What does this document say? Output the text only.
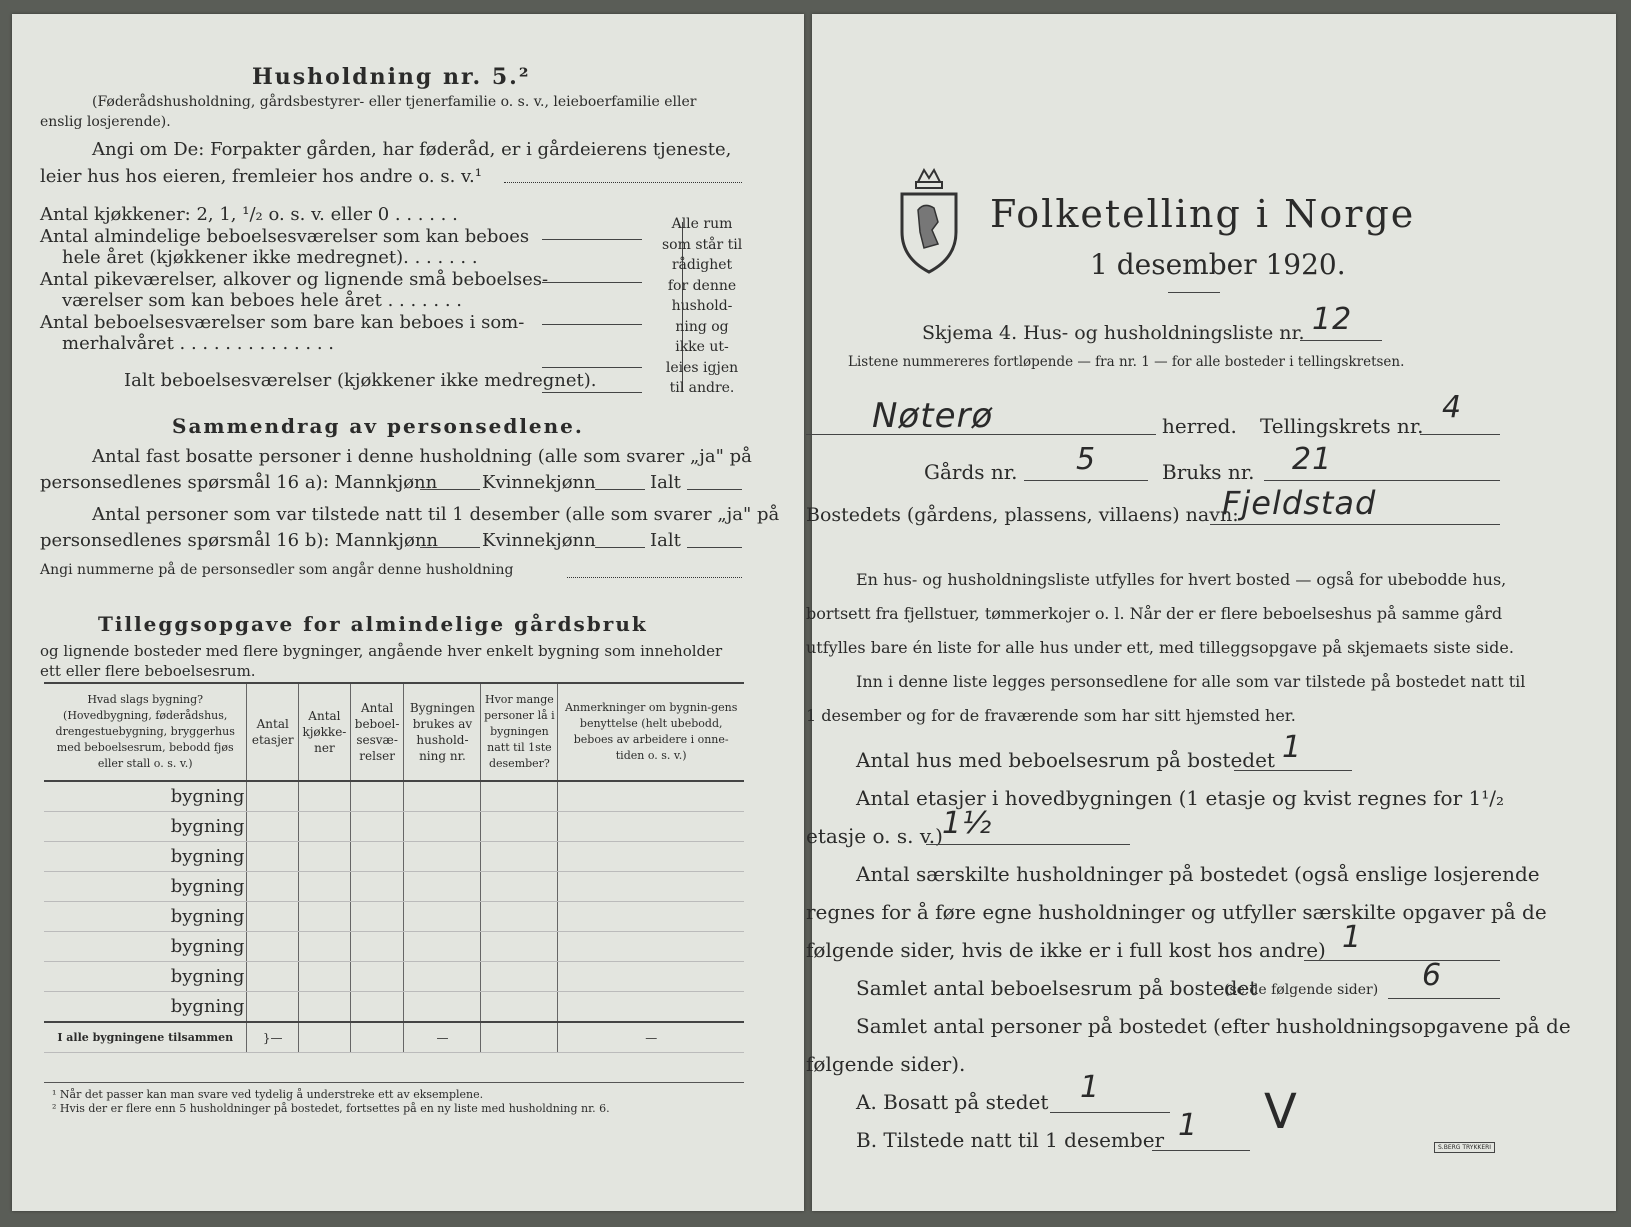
Husholdning nr. 5.²
(Føderådshusholdning, gårdsbestyrer- eller tjenerfamilie o. s. v., leieboerfamilie eller
enslig losjerende).
Angi om De: Forpakter gården, har føderåd, er i gårdeierens tjeneste,
leier hus hos eieren, fremleier hos andre o. s. v.¹
Antal kjøkkener: 2, 1, ¹/₂ o. s. v. eller 0 . . . . . .
Antal almindelige beboelsesværelser som kan beboes
hele året (kjøkkener ikke medregnet). . . . . . .
Antal pikeværelser, alkover og lignende små beboelses-
værelser som kan beboes hele året . . . . . . .
Antal beboelsesværelser som bare kan beboes i som-
merhalvåret . . . . . . . . . . . . . .
Ialt beboelsesværelser (kjøkkener ikke medregnet).
Alle rum
som står til
rådighet
for denne
hushold-
ning og
ikke ut-
leies igjen
til andre.
Sammendrag av personsedlene.
Antal fast bosatte personer i denne husholdning (alle som svarer „ja" på
personsedlenes spørsmål 16 a): Mannkjønn Kvinnekjønn	Ialt
Antal personer som var tilstede natt til 1 desember (alle som svarer „ja" på
personsedlenes spørsmål 16 b): Mannkjønn Kvinnekjønn	Ialt
Angi nummerne på de personsedler som angår denne husholdning
Tilleggsopgave for almindelige gårdsbruk
og lignende bosteder med flere bygninger, angående hver enkelt bygning som inneholder
ett eller flere beboelsesrum.
Hvad slags bygning? (Hovedbygning, føderådshus, drengestuebygning, bryggerhus med beboelsesrum, bebodd fjøs eller stall o. s. v.)	Antal etasjer	Antal kjøkke-ner	Antal beboel-sesvæ-relser	Bygningen brukes av hushold-ning nr.	Hvor mange personer lå i bygningen natt til 1ste desember?	Anmerkninger om bygnin-gens benyttelse (helt ubebodd, beboes av arbeidere i onne-tiden o. s. v.)
bygning						
bygning						
bygning						
bygning						
bygning						
bygning						
bygning						
bygning						
I alle bygningene tilsammen	}—			—		—
¹ Når det passer kan man svare ved tydelig å understreke ett av eksemplene.
² Hvis der er flere enn 5 husholdninger på bostedet, fortsettes på en ny liste med husholdning nr. 6.
Folketelling i Norge
1 desember 1920.
Skjema 4. Hus- og husholdningsliste nr. 12
Listene nummereres fortløpende — fra nr. 1 — for alle bosteder i tellingskretsen.
Nøterø	herred. Tellingskrets nr.
4
Gårds nr. 5	Bruks nr. 21
Bostedets (gårdens, plassens, villaens) navn:
Fjeldstad
En hus- og husholdningsliste utfylles for hvert bosted — også for ubebodde hus,
bortsett fra fjellstuer, tømmerkojer o. l. Når der er flere beboelseshus på samme gård
utfylles bare én liste for alle hus under ett, med tilleggsopgave på skjemaets siste side.
Inn i denne liste legges personsedlene for alle som var tilstede på bostedet natt til
1 desember og for de fraværende som har sitt hjemsted her.
Antal hus med beboelsesrum på bostedet 1
Antal etasjer i hovedbygningen (1 etasje og kvist regnes for 1¹/₂
etasje o. s. v.) 1½
Antal særskilte husholdninger på bostedet (også enslige losjerende
regnes for å føre egne husholdninger og utfyller særskilte opgaver på de
følgende sider, hvis de ikke er i full kost hos andre) 1
Samlet antal beboelsesrum på bostedet
(se de følgende sider) 6
Samlet antal personer på bostedet (efter husholdningsopgavene på de
følgende sider).
A. Bosatt på stedet 1
B. Tilstede natt til 1 desember 1 V
S.BERG TRYKKERI
